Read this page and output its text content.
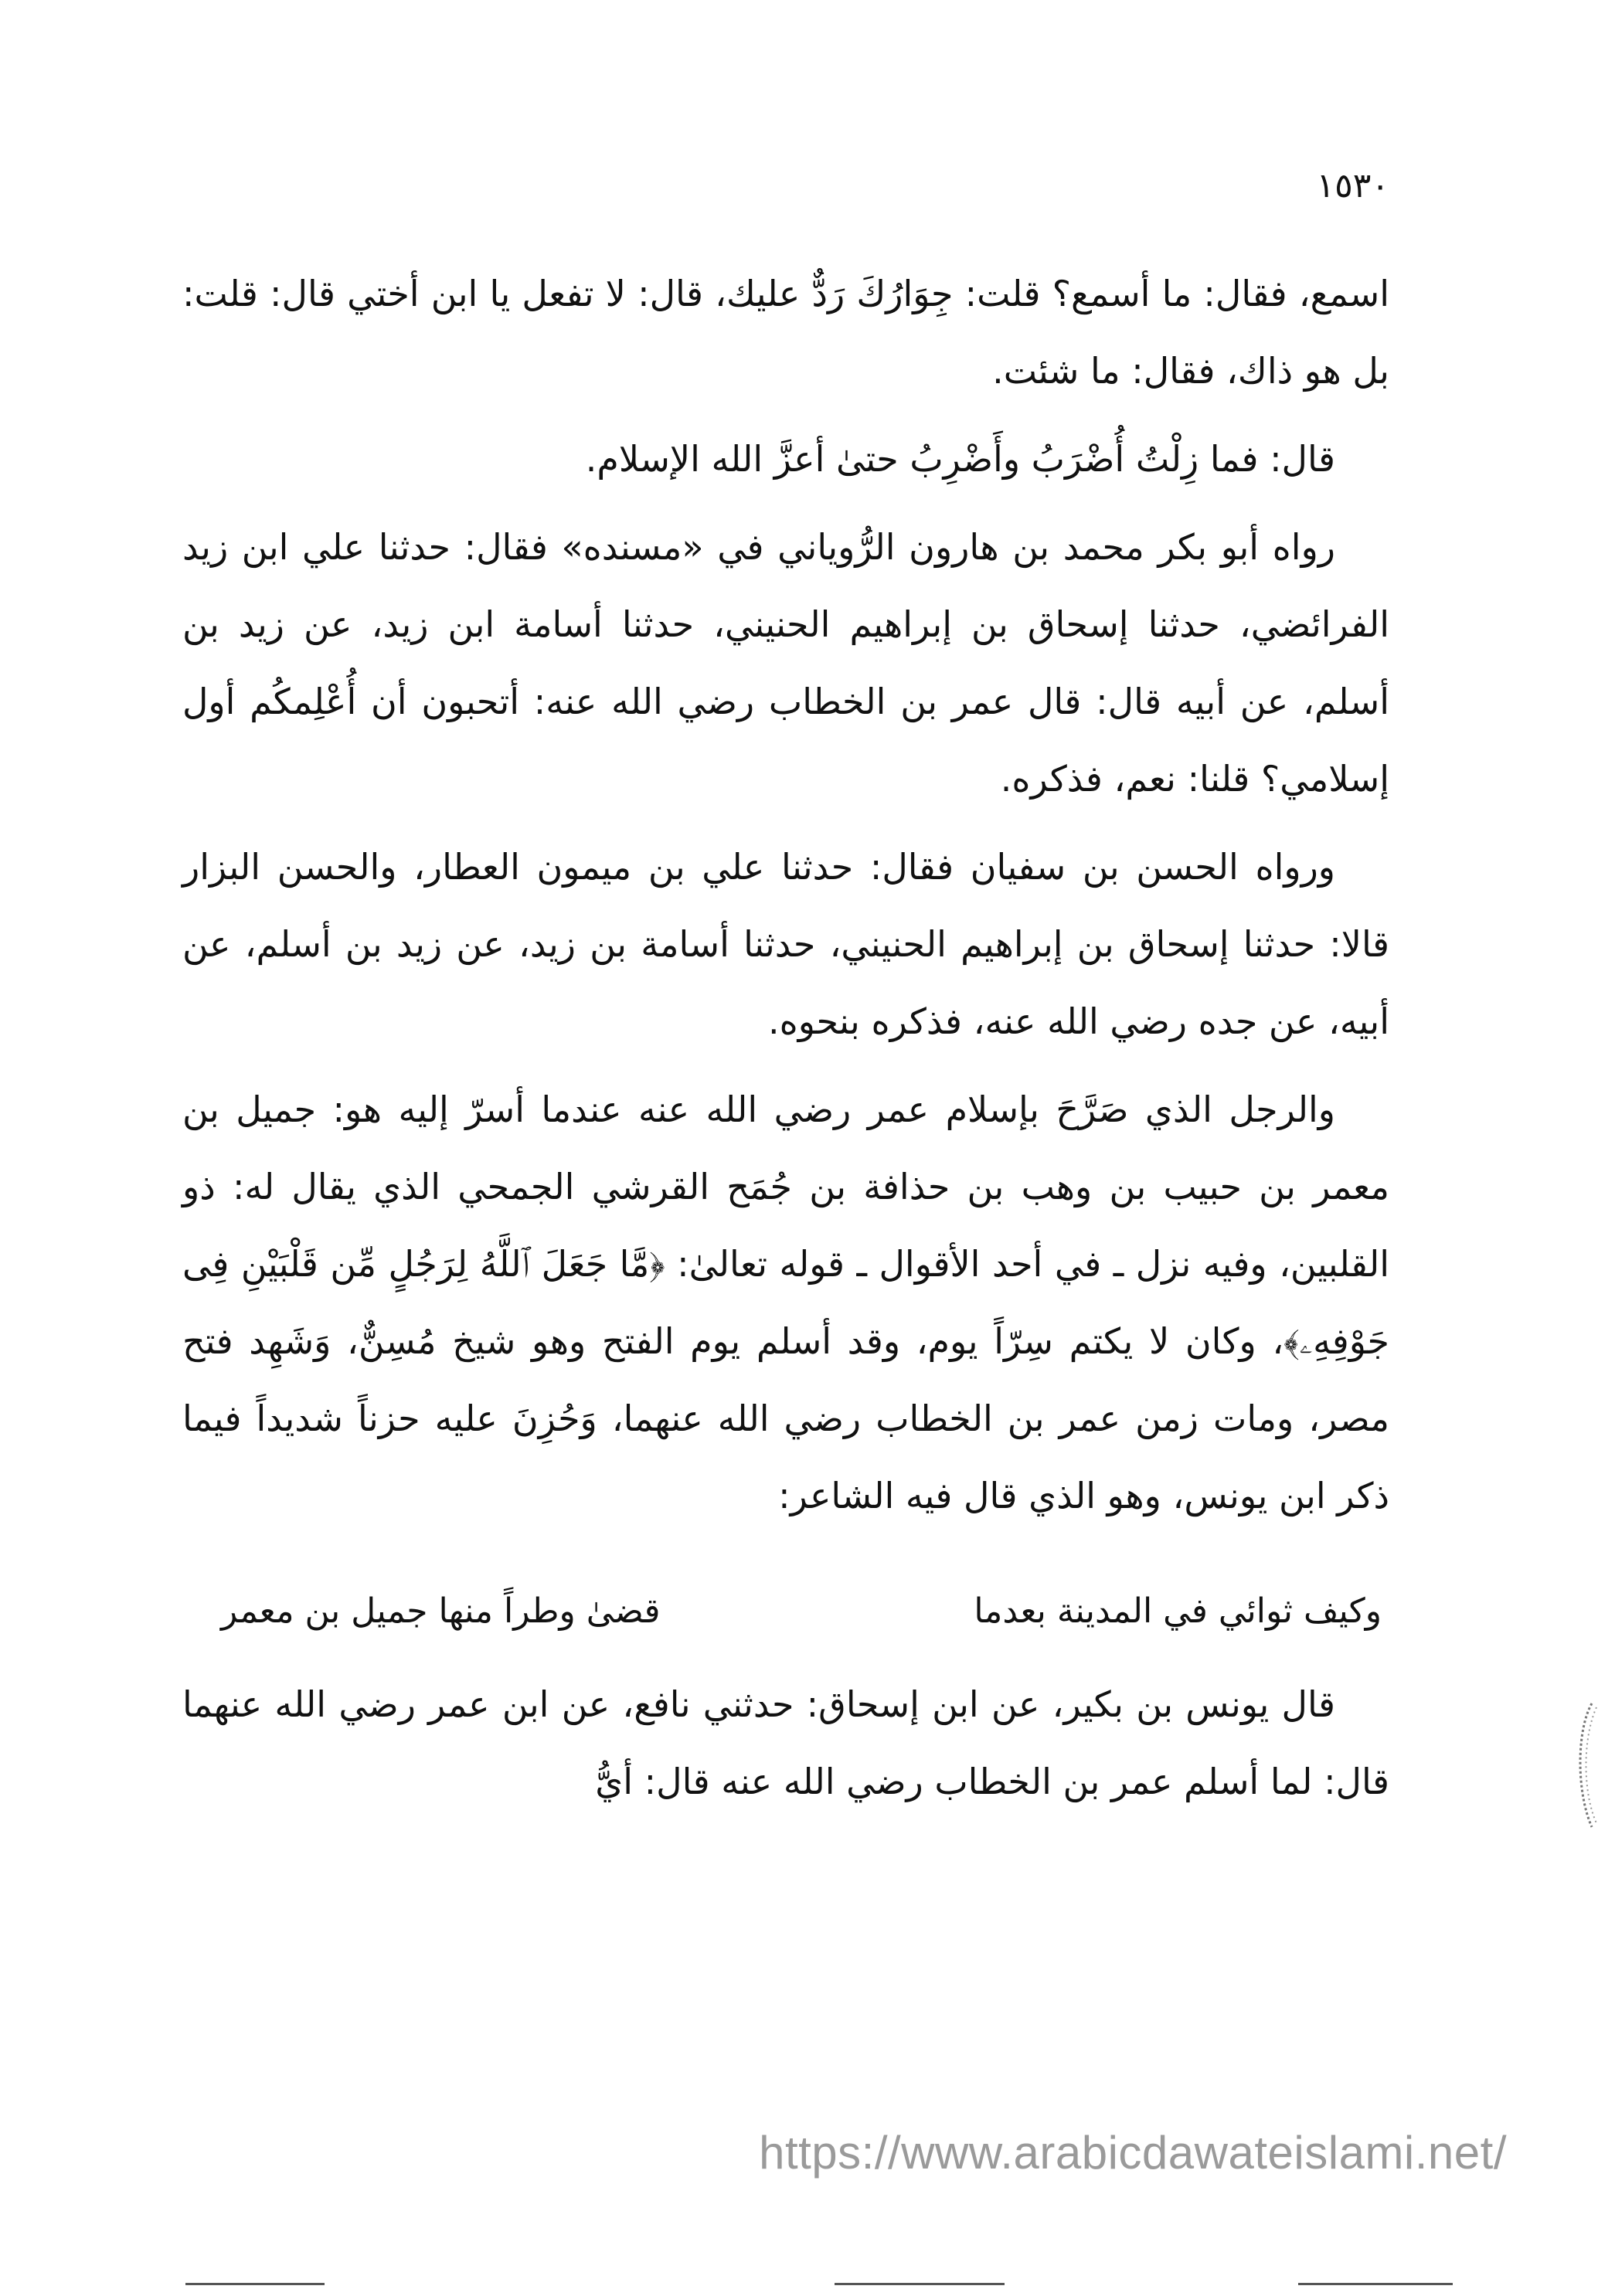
١٥٣٠

اسمع، فقال: ما أسمع؟ قلت: جِوَارُكَ رَدٌّ عليك، قال: لا تفعل يا ابن أختي قال: قلت: بل هو ذاك، فقال: ما شئت.

قال: فما زِلْتُ أُضْرَبُ وأَضْرِبُ حتىٰ أعزَّ الله الإسلام.

رواه أبو بكر محمد بن هارون الرُّوياني في «مسنده» فقال: حدثنا علي ابن زيد الفرائضي، حدثنا إسحاق بن إبراهيم الحنيني، حدثنا أسامة ابن زيد، عن زيد بن أسلم، عن أبيه قال: قال عمر بن الخطاب رضي الله عنه: أتحبون أن أُعْلِمكُم أول إسلامي؟ قلنا: نعم، فذكره.

ورواه الحسن بن سفيان فقال: حدثنا علي بن ميمون العطار، والحسن البزار قالا: حدثنا إسحاق بن إبراهيم الحنيني، حدثنا أسامة بن زيد، عن زيد بن أسلم، عن أبيه، عن جده رضي الله عنه، فذكره بنحوه.

والرجل الذي صَرَّحَ بإسلام عمر رضي الله عنه عندما أسرّ إليه هو: جميل بن معمر بن حبيب بن وهب بن حذافة بن جُمَح القرشي الجمحي الذي يقال له: ذو القلبين، وفيه نزل ـ في أحد الأقوال ـ قوله تعالىٰ: ﴿مَّا جَعَلَ ٱللَّهُ لِرَجُلٍ مِّن قَلْبَيْنِ فِى جَوْفِهِۦ﴾، وكان لا يكتم سِرّاً يوم، وقد أسلم يوم الفتح وهو شيخ مُسِنٌّ، وَشَهِد فتح مصر، ومات زمن عمر بن الخطاب رضي الله عنهما، وَحُزِنَ عليه حزناً شديداً فيما ذكر ابن يونس، وهو الذي قال فيه الشاعر:

وكيف ثوائي في المدينة بعدما
قضىٰ وطراً منها جميل بن معمر

قال يونس بن بكير، عن ابن إسحاق: حدثني نافع، عن ابن عمر رضي الله عنهما قال: لما أسلم عمر بن الخطاب رضي الله عنه قال: أيُّ

https://www.arabicdawateislami.net/
